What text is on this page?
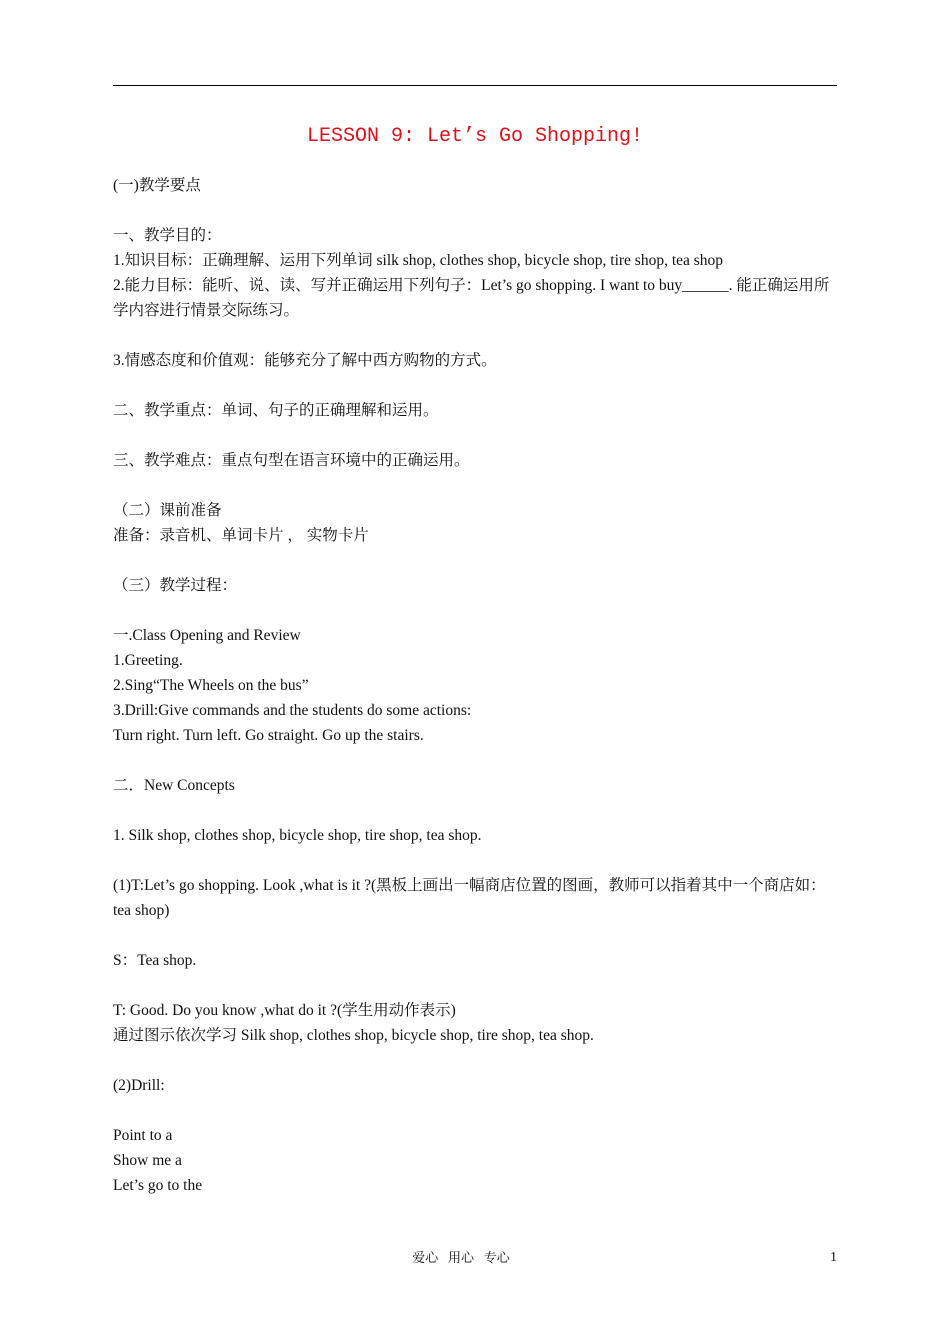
LESSON 9: Let’s Go Shopping!

(一)教学要点

一、教学目的：

1.知识目标：正确理解、运用下列单词 silk shop, clothes shop, bicycle shop, tire shop, tea shop

2.能力目标：能听、说、读、写并正确运用下列句子：Let’s go shopping. I want to buy______. 能正确运用所学内容进行情景交际练习。

3.情感态度和价值观：能够充分了解中西方购物的方式。

二、教学重点：单词、句子的正确理解和运用。

三、教学难点：重点句型在语言环境中的正确运用。

（二）课前准备

准备：录音机、单词卡片 ， 实物卡片

（三）教学过程：

一.Class Opening and Review

1.Greeting.

2.Sing“The Wheels on the bus”

3.Drill:Give commands and the students do some actions:

Turn right. Turn left. Go straight. Go up the stairs.

二．New Concepts

1. Silk shop, clothes shop, bicycle shop, tire shop, tea shop.

(1)T:Let’s go shopping. Look ,what is it ?(黑板上画出一幅商店位置的图画，教师可以指着其中一个商店如：tea shop)

S：Tea shop.

T: Good. Do you know ,what do it ?(学生用动作表示)

通过图示依次学习 Silk shop, clothes shop, bicycle shop, tire shop, tea shop.

(2)Drill:

Point to a

Show me a

Let’s go to the

爱心   用心   专心	1
